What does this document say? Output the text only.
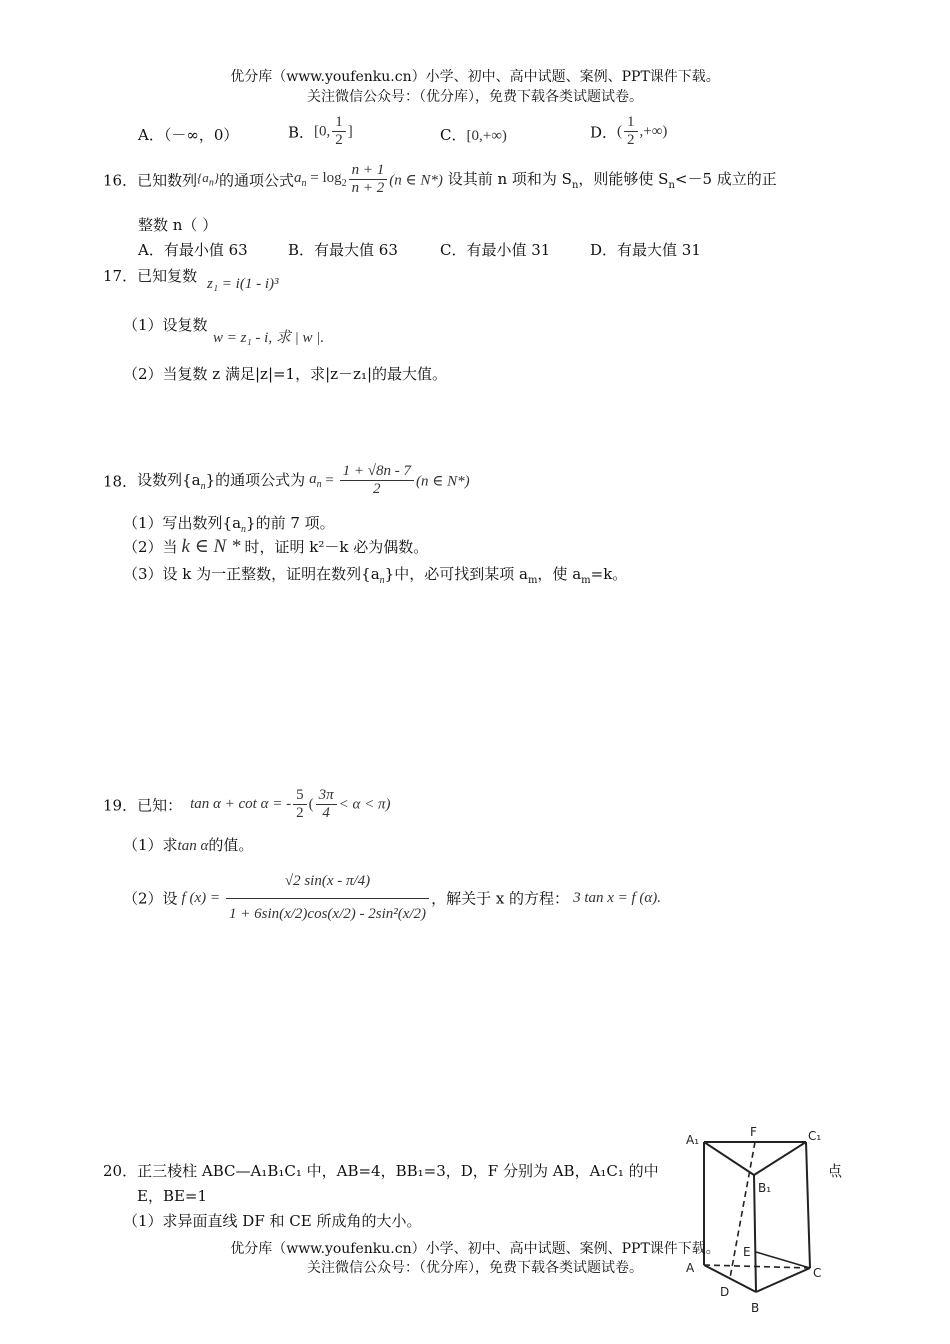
优分库（www.youfenku.cn）小学、初中、高中试题、案例、PPT课件下载。
关注微信公众号：（优分库），免费下载各类试题试卷。
A．（－∞，0）	B．[0, $\frac{1}{2}$ ]	C．[0,+∞)	D．( $\frac{1}{2}$ ,+∞)
16．已知数列$\{a_n\}$的通项公式$a_n = \log_2 \frac{n + 1}{n + 2} (n$ ∈ N*) 设其前 n 项和为 $S_n$，则能够使 $S_n<-5$ 成立的正
整数 n（ ）
A．有最小值 63	B．有最大值 63	C．有最小值 31	D．有最大值 31
17．已知复数 z₁ = i(1 - i)³
（1）设复数
w = z₁ - i, 求 | w |.
（2）当复数 z 满足|z|=1，求|z－z₁|的最大值。
18．设数列$\{a_n\}$的通项公式为 $a_n = \frac{1 + √8n - 7}{2} (n$ ∈ N*)
（1）写出数列$\{a_n\}$的前 7 项。
（2）当 k ∈ N * 时，证明 k²－k 必为偶数。
（3）设 k 为一正整数，证明在数列$\{a_n\}$中，必可找到某项 $a_m$，使 $a_m=k$。
19．已知： tan α + cot α = - $\frac{5}{2}$ ( $\frac{3\pi}{4} < \alpha < \pi$)
（1）求tan α的值。
（2）设 f $(x) = \frac{√2 \sin(x - \pi/4)}{\text{1 + 6sin(x/2)cos(x/2) - 2sin²(x/2)}}$ ，解关于 x 的方程： 3 tan x = f (α).
20．正三棱柱 ABC—A₁B₁C₁ 中，AB=4，BB₁=3，D，F 分别为 AB，A₁C₁ 的中	点
E，BE=1
（1）求异面直线 DF 和 CE 所成角的大小。
A₁
F	C₁
B₁
E
A	C
D
B
优分库（www.youfenku.cn）小学、初中、高中试题、案例、PPT课件下载。
关注微信公众号：（优分库），免费下载各类试题试卷。
